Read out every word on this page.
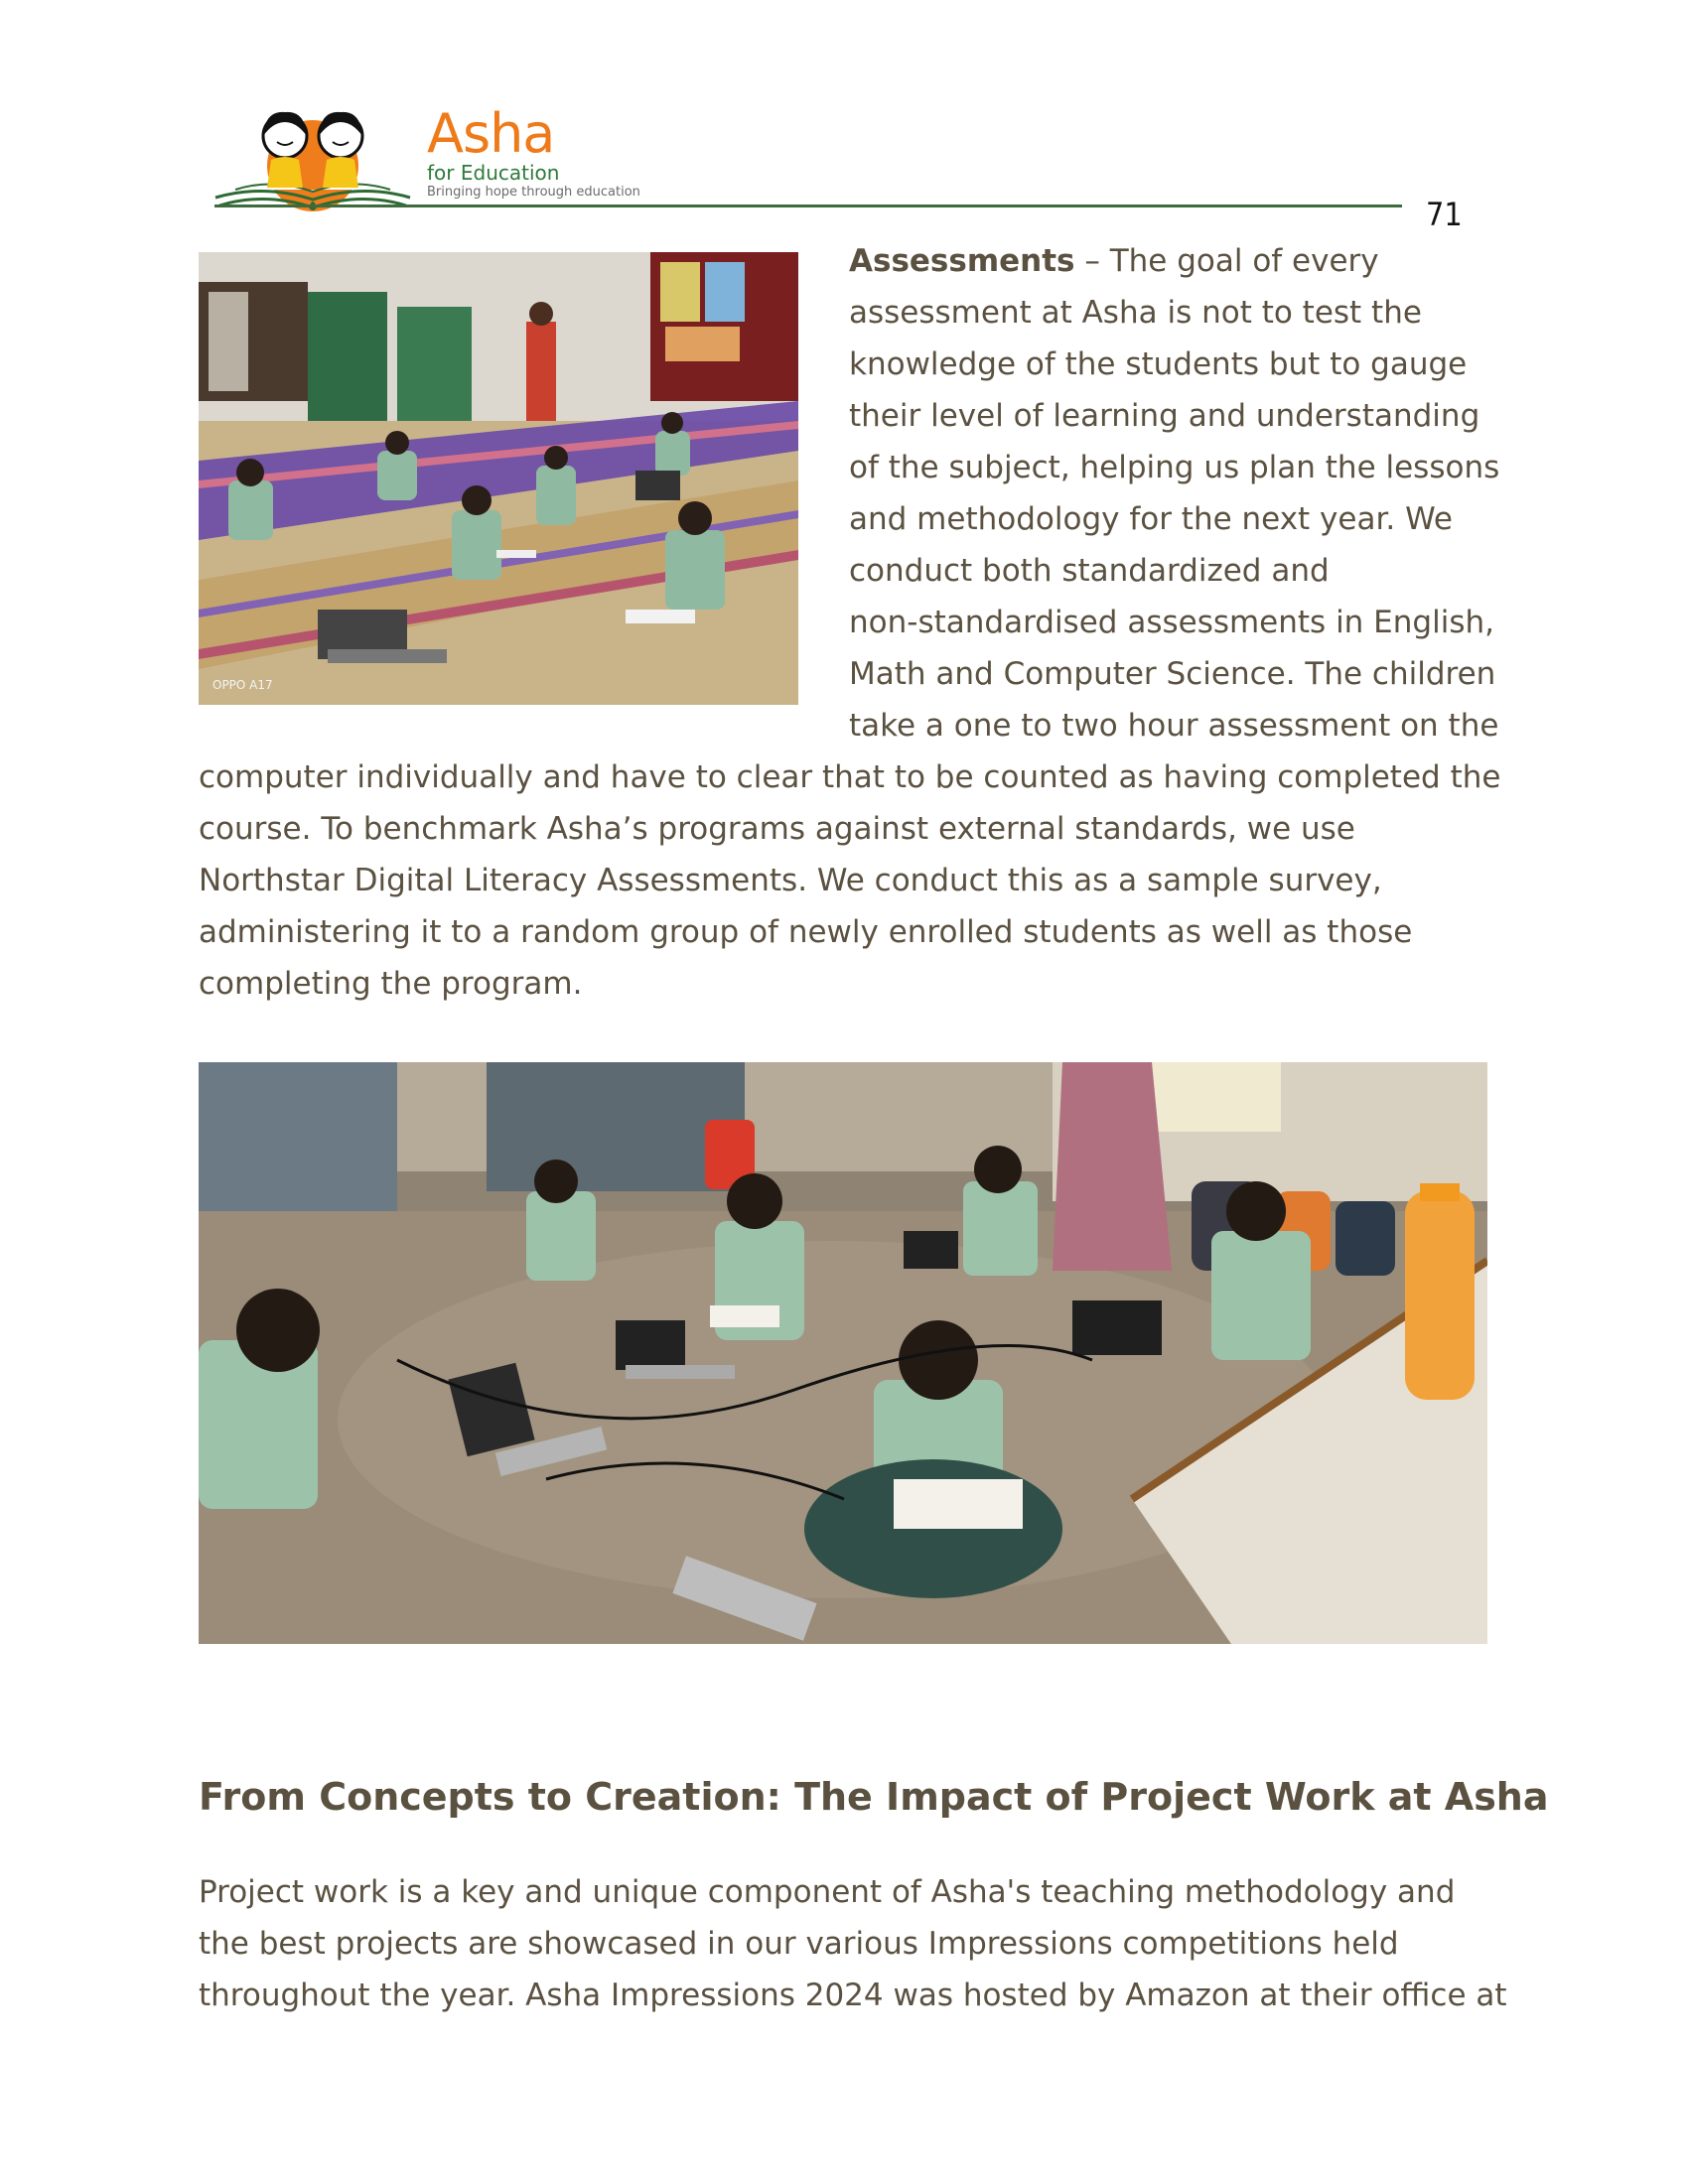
Asha
for Education
Bringing hope through education
71
OPPO A17
Assessments – The goal of every
assessment at Asha is not to test the
knowledge of the students but to gauge
their level of learning and understanding
of the subject, helping us plan the lessons
and methodology for the next year. We
conduct both standardized and
non-standardised assessments in English,
Math and Computer Science. The children
take a one to two hour assessment on the
computer individually and have to clear that to be counted as having completed the
course. To benchmark Asha’s programs against external standards, we use
Northstar Digital Literacy Assessments. We conduct this as a sample survey,
administering it to a random group of newly enrolled students as well as those
completing the program.
From Concepts to Creation: The Impact of Project Work at Asha
Project work is a key and unique component of Asha's teaching methodology and
the best projects are showcased in our various Impressions competitions held
throughout the year. Asha Impressions 2024 was hosted by Amazon at their office at
